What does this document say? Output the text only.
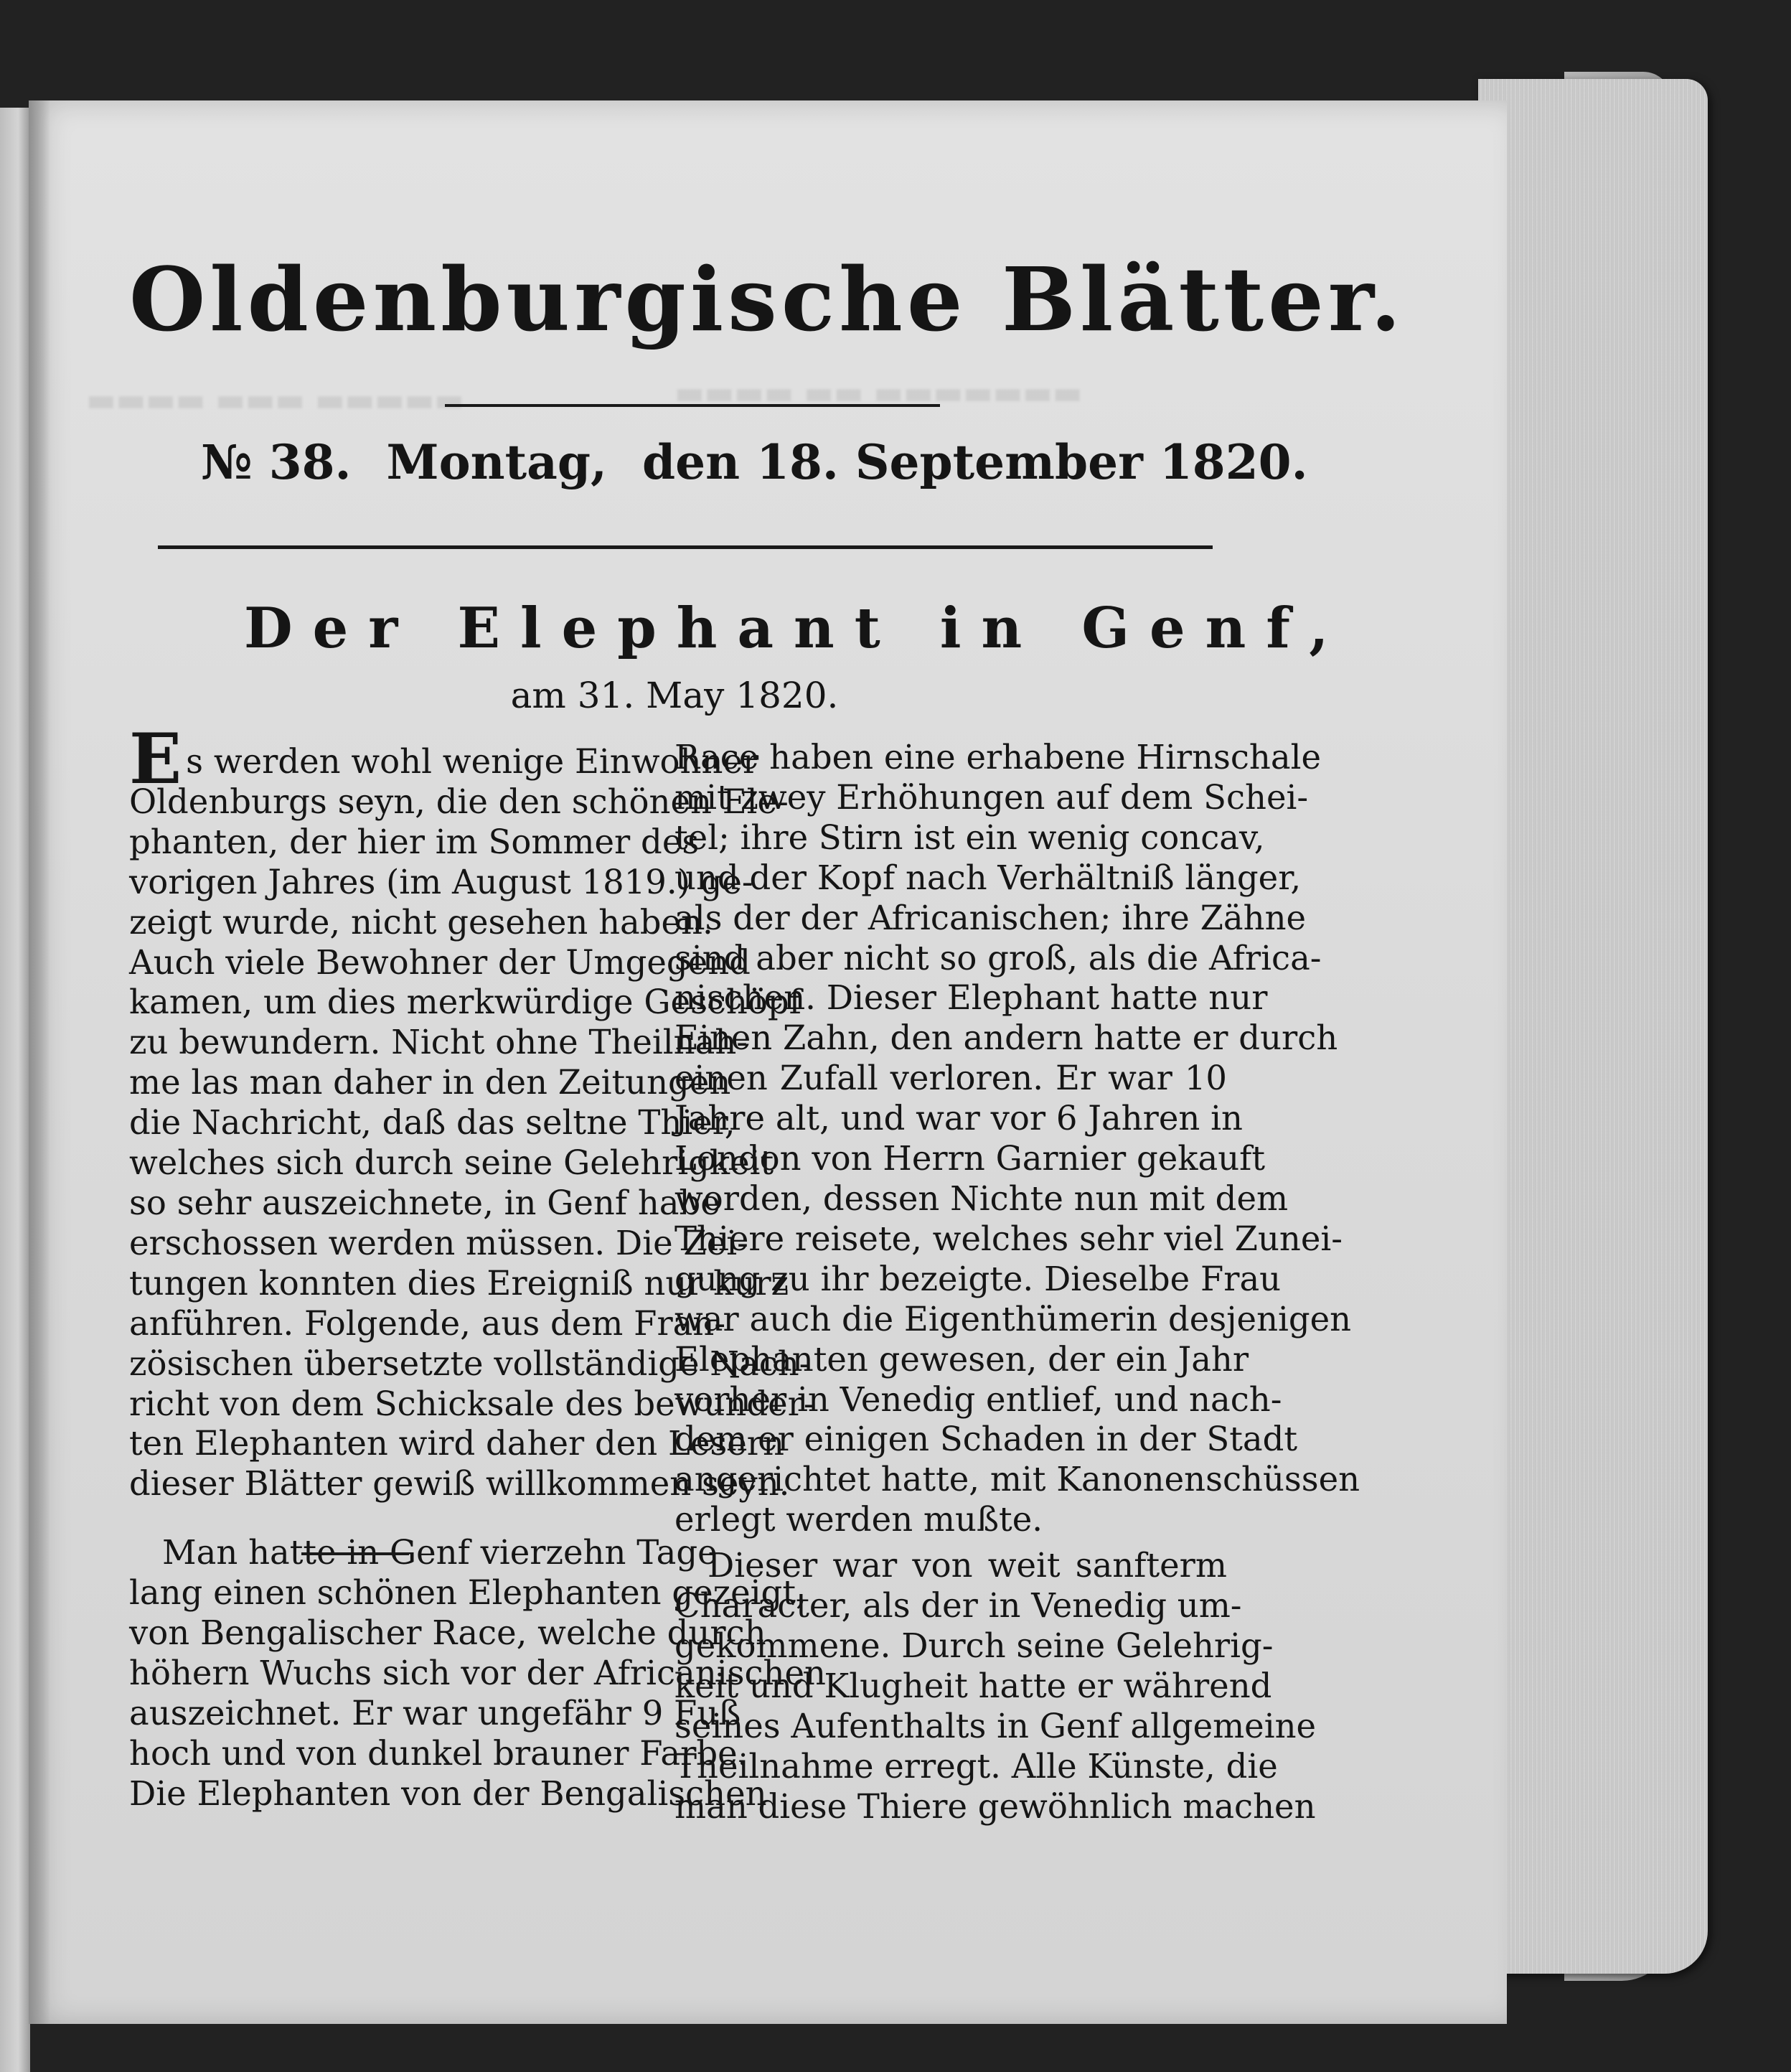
▬▬▬▬ ▬▬▬ ▬▬▬▬▬	▬▬▬▬ ▬▬ ▬▬▬▬▬▬▬
Oldenburgische Blätter.
№ 38. Montag, den 18. September 1820.
Der Elephant in Genf,
am 31. May 1820.
Es werden wohl wenige Einwohner
Oldenburgs seyn, die den schönen Ele-
phanten, der hier im Sommer des
vorigen Jahres (im August 1819.) ge-
zeigt wurde, nicht gesehen haben.
Auch viele Bewohner der Umgegend
kamen, um dies merkwürdige Geschöpf
zu bewundern. Nicht ohne Theilnah-
me las man daher in den Zeitungen
die Nachricht, daß das seltne Thier,
welches sich durch seine Gelehrigkeit
so sehr auszeichnete, in Genf habe
erschossen werden müssen. Die Zei-
tungen konnten dies Ereigniß nur kurz
anführen. Folgende, aus dem Fran-
zösischen übersetzte vollständige Nach-
richt von dem Schicksale des bewunder-
ten Elephanten wird daher den Lesern
dieser Blätter gewiß willkommen seyn.
Man hatte in Genf vierzehn Tage
lang einen schönen Elephanten gezeigt,
von Bengalischer Race, welche durch
höhern Wuchs sich vor der Africanischen
auszeichnet. Er war ungefähr 9 Fuß
hoch und von dunkel brauner Farbe.
Die Elephanten von der Bengalischen
Race haben eine erhabene Hirnschale
mit zwey Erhöhungen auf dem Schei-
tel; ihre Stirn ist ein wenig concav,
und der Kopf nach Verhältniß länger,
als der der Africanischen; ihre Zähne
sind aber nicht so groß, als die Africa-
nischen. Dieser Elephant hatte nur
Einen Zahn, den andern hatte er durch
einen Zufall verloren. Er war 10
Jahre alt, und war vor 6 Jahren in
London von Herrn Garnier gekauft
worden, dessen Nichte nun mit dem
Thiere reisete, welches sehr viel Zunei-
gung zu ihr bezeigte. Dieselbe Frau
war auch die Eigenthümerin desjenigen
Elephanten gewesen, der ein Jahr
vorher in Venedig entlief, und nach-
dem er einigen Schaden in der Stadt
angerichtet hatte, mit Kanonenschüssen
erlegt werden mußte.
Dieser war von weit sanfterm
Character, als der in Venedig um-
gekommene. Durch seine Gelehrig-
keit und Klugheit hatte er während
seines Aufenthalts in Genf allgemeine
Theilnahme erregt. Alle Künste, die
man diese Thiere gewöhnlich machen
